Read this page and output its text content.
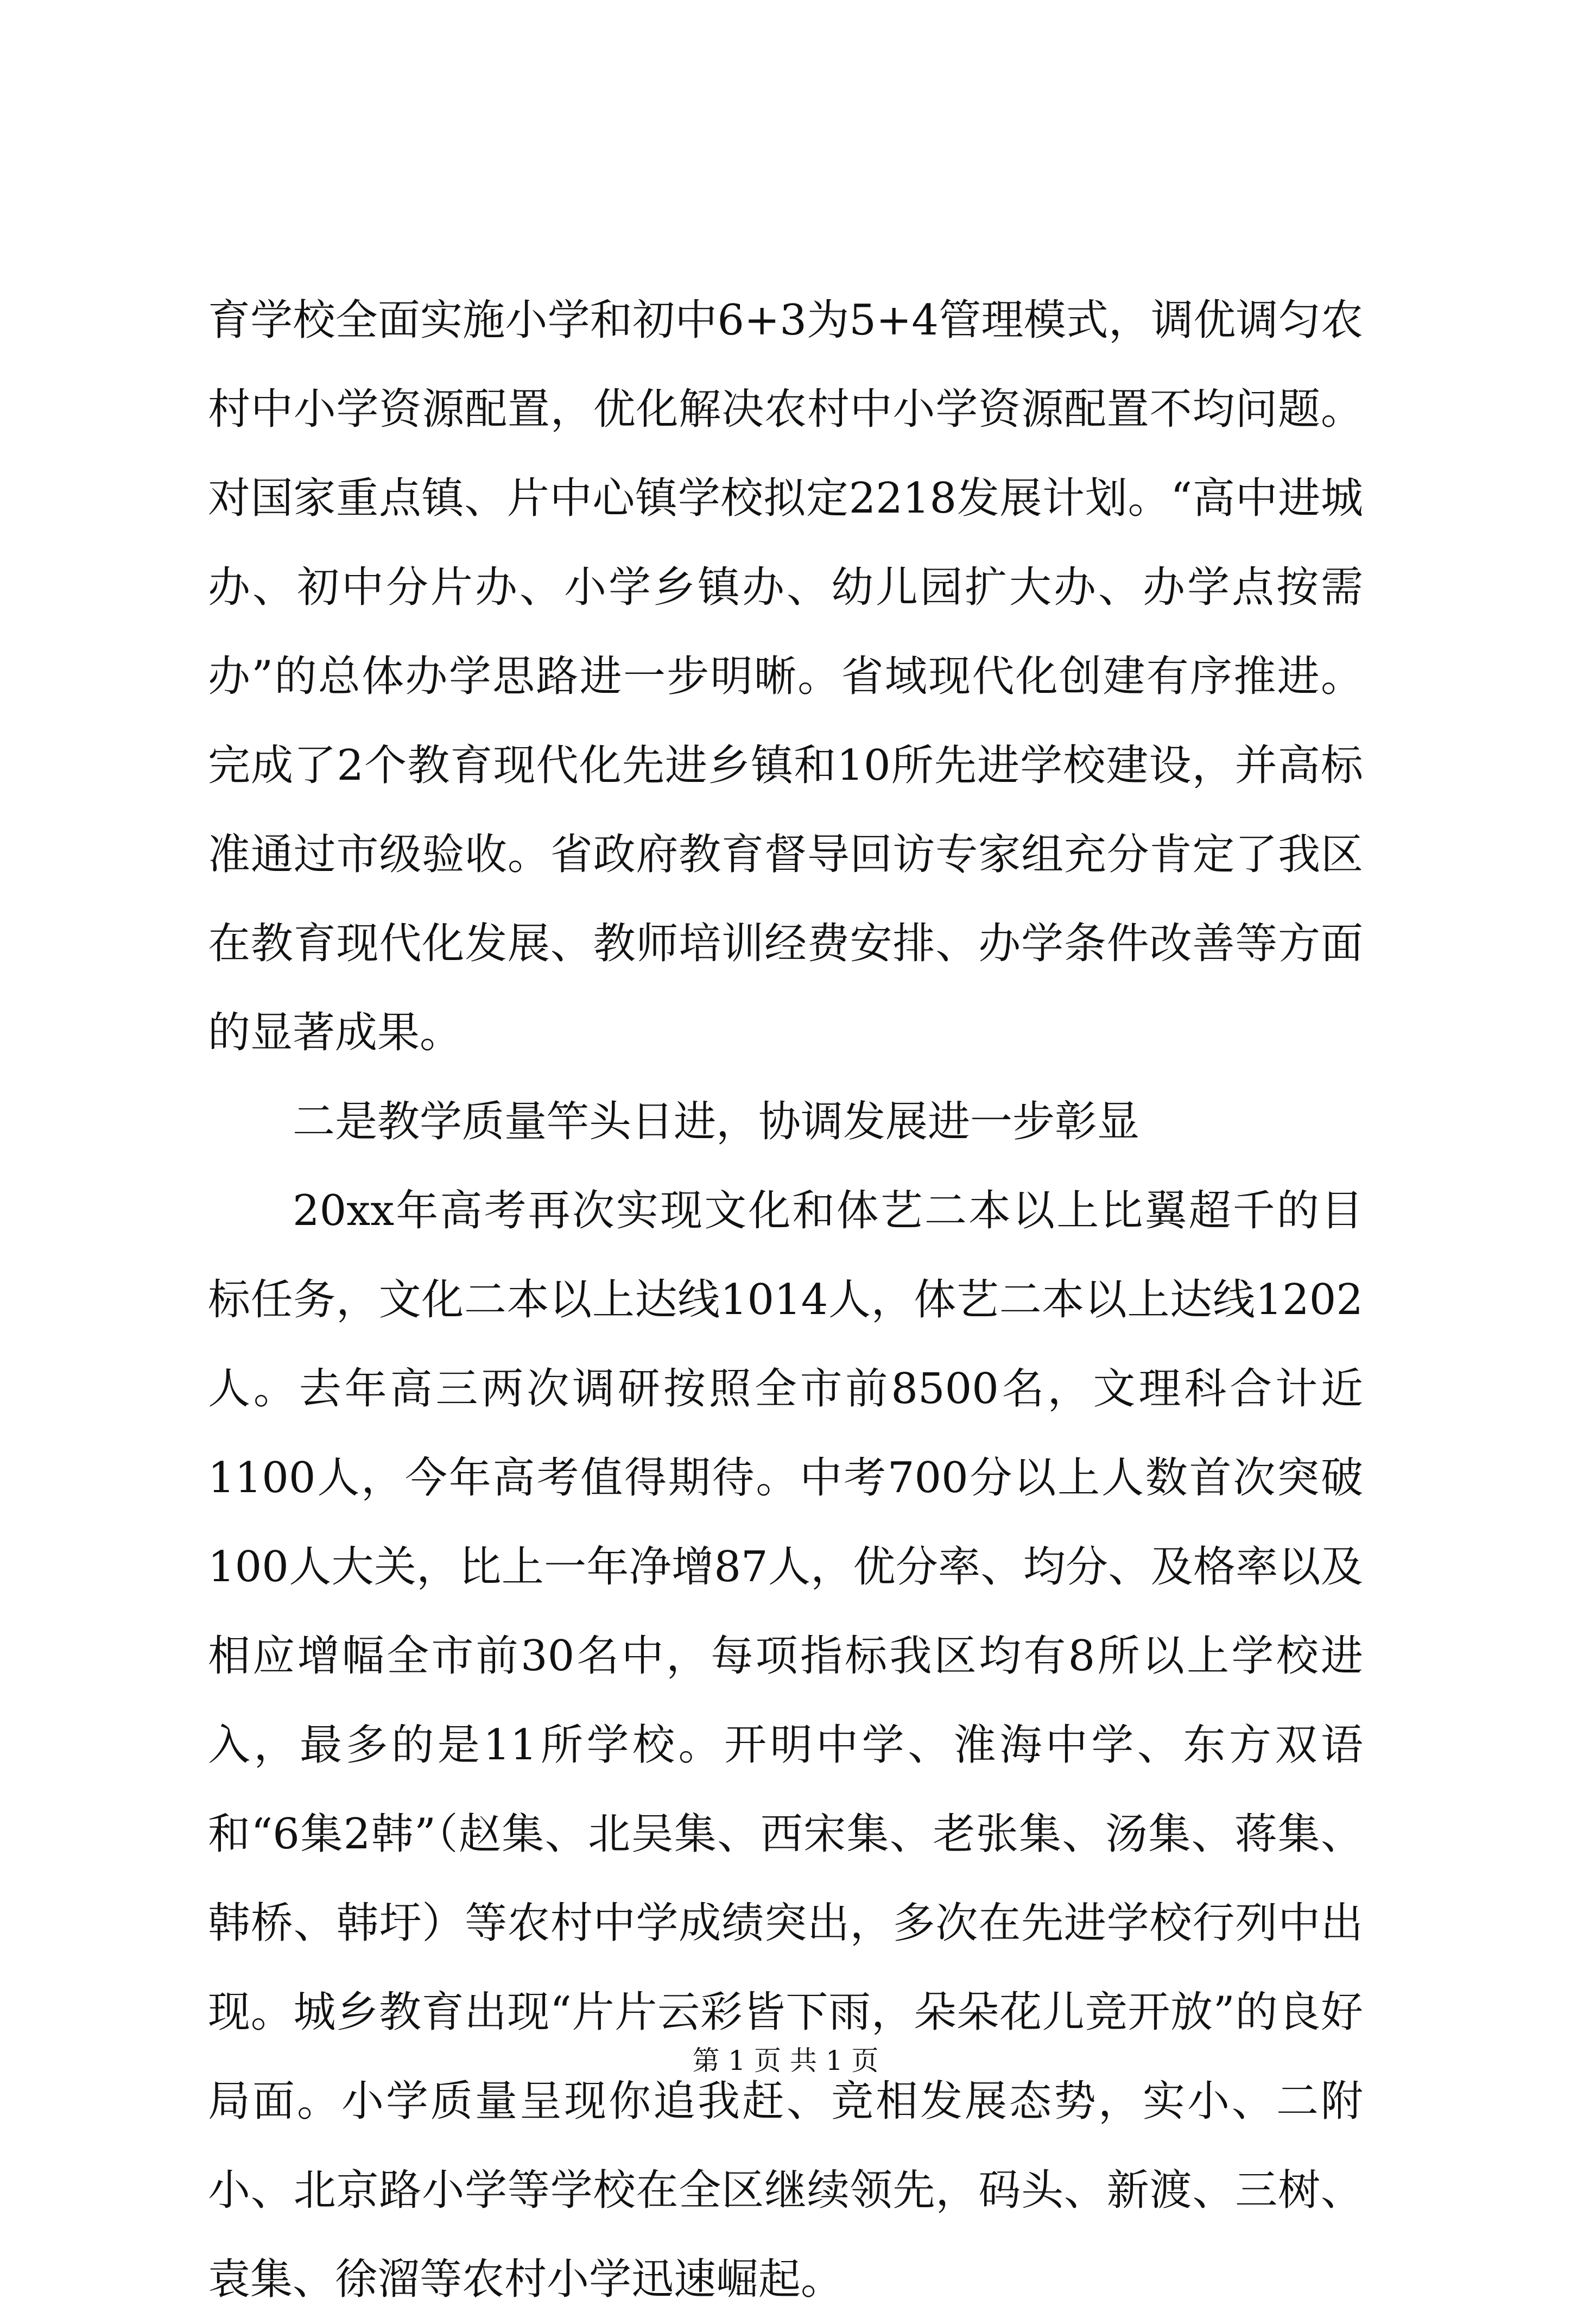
育学校全面实施小学和初中6+3为5+4管理模式，调优调匀农村中小学资源配置，优化解决农村中小学资源配置不均问题。对国家重点镇、片中心镇学校拟定2218发展计划。“高中进城办、初中分片办、小学乡镇办、幼儿园扩大办、办学点按需办”的总体办学思路进一步明晰。省域现代化创建有序推进。完成了2个教育现代化先进乡镇和10所先进学校建设，并高标准通过市级验收。省政府教育督导回访专家组充分肯定了我区在教育现代化发展、教师培训经费安排、办学条件改善等方面的显著成果。

二是教学质量竿头日进，协调发展进一步彰显

20xx年高考再次实现文化和体艺二本以上比翼超千的目标任务，文化二本以上达线1014人，体艺二本以上达线1202人。去年高三两次调研按照全市前8500名，文理科合计近1100人，今年高考值得期待。中考700分以上人数首次突破100人大关，比上一年净增87人，优分率、均分、及格率以及相应增幅全市前30名中，每项指标我区均有8所以上学校进入，最多的是11所学校。开明中学、淮海中学、东方双语和“6集2韩”（赵集、北吴集、西宋集、老张集、汤集、蒋集、韩桥、韩圩）等农村中学成绩突出，多次在先进学校行列中出现。城乡教育出现“片片云彩皆下雨，朵朵花儿竞开放”的良好局面。小学质量呈现你追我赶、竞相发展态势，实小、二附小、北京路小学等学校在全区继续领先，码头、新渡、三树、袁集、徐溜等农村小学迅速崛起。

第 1 页 共 1 页
